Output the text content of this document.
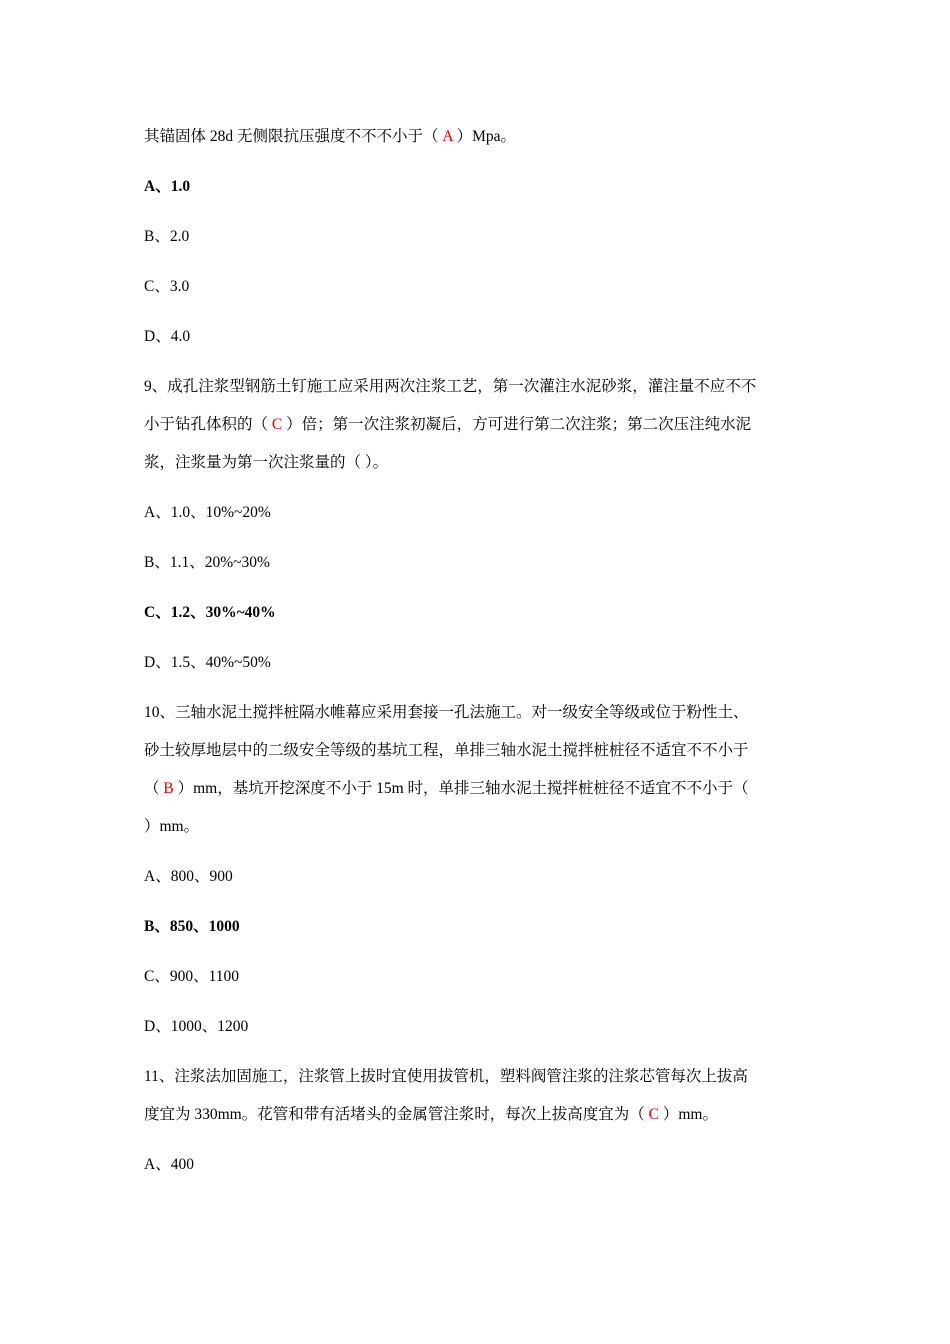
其锚固体 28d 无侧限抗压强度不不不小于（ A ）Mpa。

A、1.0

B、2.0

C、3.0

D、4.0

9、成孔注浆型钢筋土钉施工应采用两次注浆工艺，第一次灌注水泥砂浆，灌注量不应不不

小于钻孔体积的（ C ）倍；第一次注浆初凝后，方可进行第二次注浆；第二次压注纯水泥

浆，注浆量为第一次注浆量的（ ）。

A、1.0、10%~20%

B、1.1、20%~30%

C、1.2、30%~40%

D、1.5、40%~50%

10、三轴水泥土搅拌桩隔水帷幕应采用套接一孔法施工。对一级安全等级或位于粉性土、

砂土较厚地层中的二级安全等级的基坑工程，单排三轴水泥土搅拌桩桩径不适宜不不小于

（ B ）mm，基坑开挖深度不小于 15m 时，单排三轴水泥土搅拌桩桩径不适宜不不小于（

）mm。

A、800、900

B、850、1000

C、900、1100

D、1000、1200

11、注浆法加固施工，注浆管上拔时宜使用拔管机，塑料阀管注浆的注浆芯管每次上拔高

度宜为 330mm。花管和带有活堵头的金属管注浆时，每次上拔高度宜为（ C ）mm。

A、400
